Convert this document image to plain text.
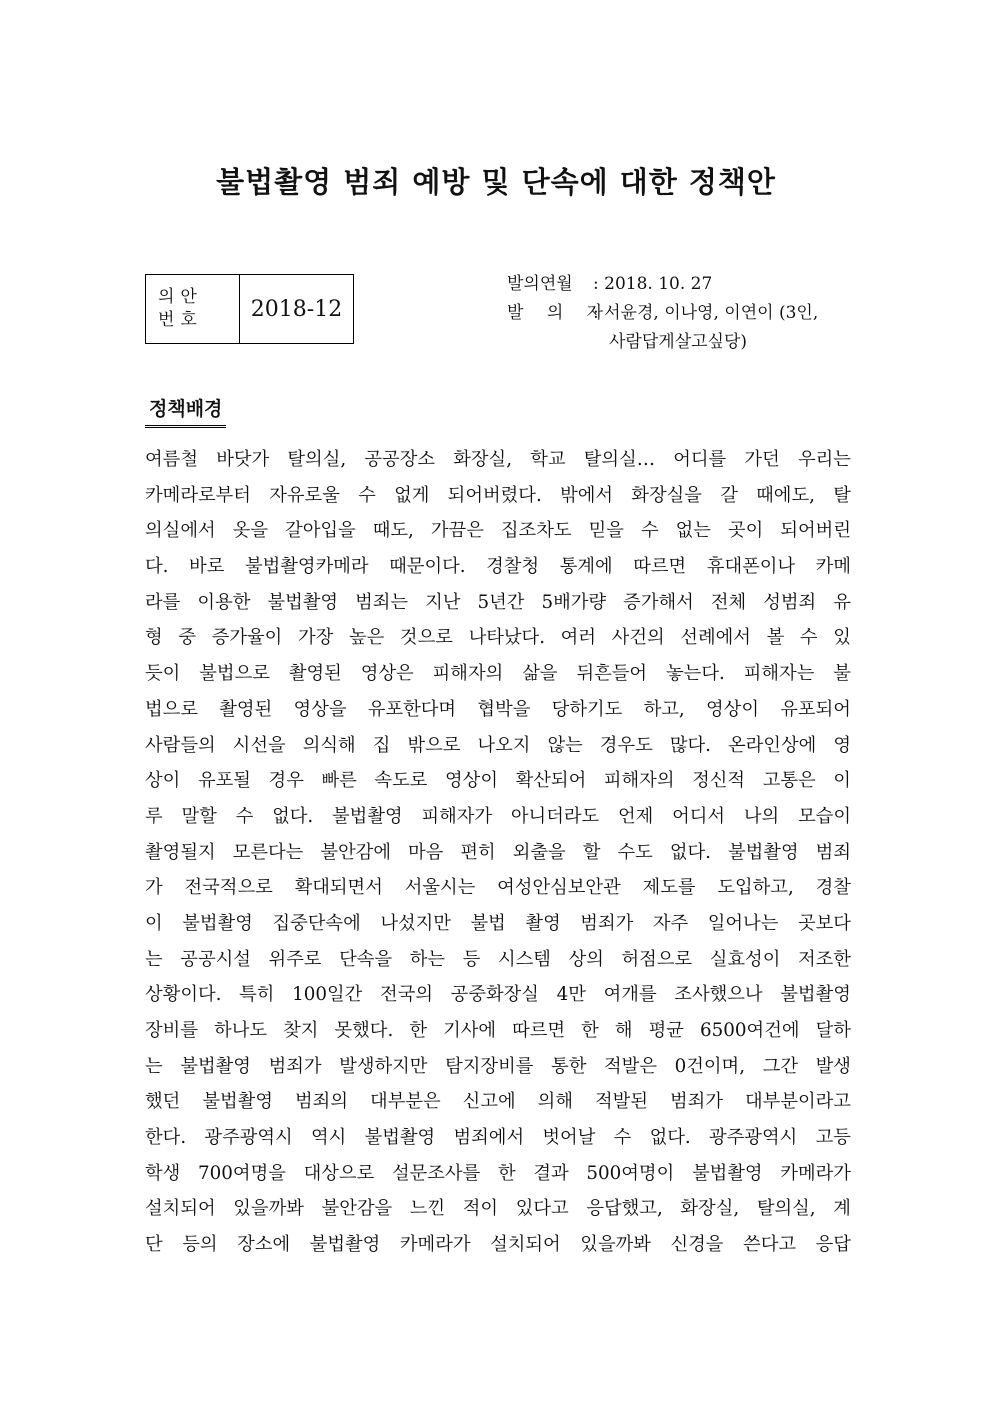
불법촬영 범죄 예방 및 단속에 대한 정책안
의안
번호	2018-12
발의연월	: 2018. 10. 27
발 의 자
: 서윤경, 이나영, 이연이 (3인,
사람답게살고싶당)
정책배경
여름철 바닷가 탈의실, 공공장소 화장실, 학교 탈의실… 어디를 가던 우리는
카메라로부터 자유로울 수 없게 되어버렸다. 밖에서 화장실을 갈 때에도, 탈
의실에서 옷을 갈아입을 때도, 가끔은 집조차도 믿을 수 없는 곳이 되어버린
다. 바로 불법촬영카메라 때문이다. 경찰청 통계에 따르면 휴대폰이나 카메
라를 이용한 불법촬영 범죄는 지난 5년간 5배가량 증가해서 전체 성범죄 유
형 중 증가율이 가장 높은 것으로 나타났다. 여러 사건의 선례에서 볼 수 있
듯이 불법으로 촬영된 영상은 피해자의 삶을 뒤흔들어 놓는다. 피해자는 불
법으로 촬영된 영상을 유포한다며 협박을 당하기도 하고, 영상이 유포되어
사람들의 시선을 의식해 집 밖으로 나오지 않는 경우도 많다. 온라인상에 영
상이 유포될 경우 빠른 속도로 영상이 확산되어 피해자의 정신적 고통은 이
루 말할 수 없다. 불법촬영 피해자가 아니더라도 언제 어디서 나의 모습이
촬영될지 모른다는 불안감에 마음 편히 외출을 할 수도 없다. 불법촬영 범죄
가 전국적으로 확대되면서 서울시는 여성안심보안관 제도를 도입하고, 경찰
이 불법촬영 집중단속에 나섰지만 불법 촬영 범죄가 자주 일어나는 곳보다
는 공공시설 위주로 단속을 하는 등 시스템 상의 허점으로 실효성이 저조한
상황이다. 특히 100일간 전국의 공중화장실 4만 여개를 조사했으나 불법촬영
장비를 하나도 찾지 못했다. 한 기사에 따르면 한 해 평균 6500여건에 달하
는 불법촬영 범죄가 발생하지만 탐지장비를 통한 적발은 0건이며, 그간 발생
했던 불법촬영 범죄의 대부분은 신고에 의해 적발된 범죄가 대부분이라고
한다. 광주광역시 역시 불법촬영 범죄에서 벗어날 수 없다. 광주광역시 고등
학생 700여명을 대상으로 설문조사를 한 결과 500여명이 불법촬영 카메라가
설치되어 있을까봐 불안감을 느낀 적이 있다고 응답했고, 화장실, 탈의실, 계
단 등의 장소에 불법촬영 카메라가 설치되어 있을까봐 신경을 쓴다고 응답
